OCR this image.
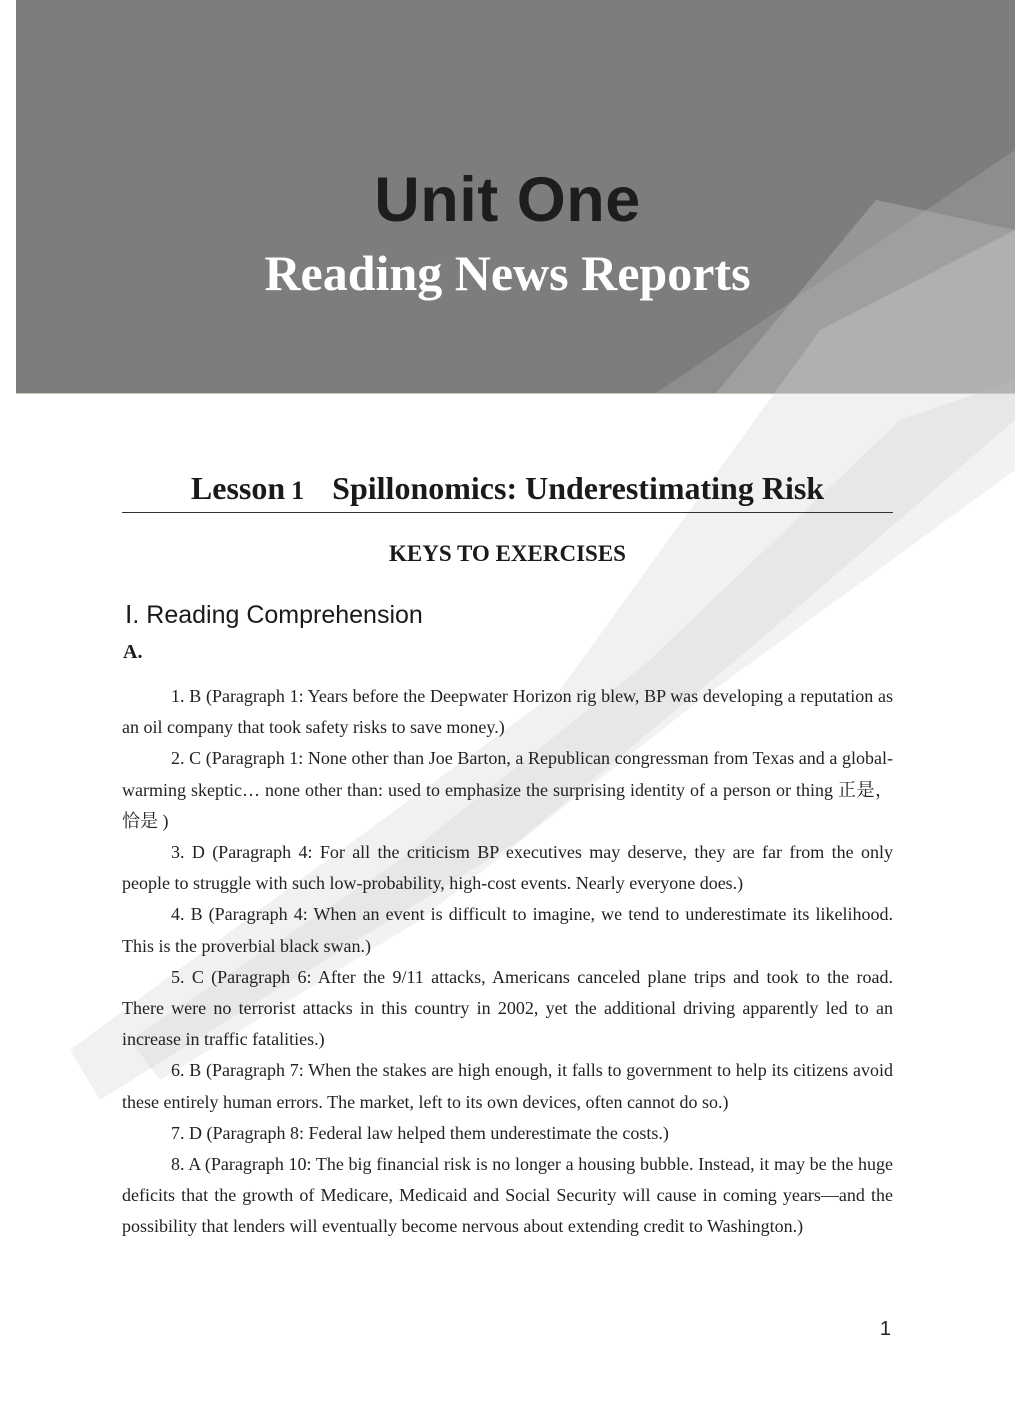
Unit One
Reading News Reports
Lesson 1 Spillonomics: Underestimating Risk
KEYS TO EXERCISES
Ⅰ. Reading Comprehension
A.

1. B (Paragraph 1: Years before the Deepwater Horizon rig blew, BP was developing a reputation as an oil company that took safety risks to save money.)

2. C (Paragraph 1: None other than Joe Barton, a Republican congressman from Texas and a global-warming skeptic… none other than: used to emphasize the surprising identity of a person or thing 正是，恰是 )

3. D (Paragraph 4: For all the criticism BP executives may deserve, they are far from the only people to struggle with such low-probability, high-cost events. Nearly everyone does.)

4. B (Paragraph 4: When an event is difficult to imagine, we tend to underestimate its likelihood. This is the proverbial black swan.)

5. C (Paragraph 6: After the 9/11 attacks, Americans canceled plane trips and took to the road. There were no terrorist attacks in this country in 2002, yet the additional driving apparently led to an increase in traffic fatalities.)

6. B (Paragraph 7: When the stakes are high enough, it falls to government to help its citizens avoid these entirely human errors. The market, left to its own devices, often cannot do so.)

7. D (Paragraph 8: Federal law helped them underestimate the costs.)

8. A (Paragraph 10: The big financial risk is no longer a housing bubble. Instead, it may be the huge deficits that the growth of Medicare, Medicaid and Social Security will cause in coming years—and the possibility that lenders will eventually become nervous about extending credit to Washington.)

1
